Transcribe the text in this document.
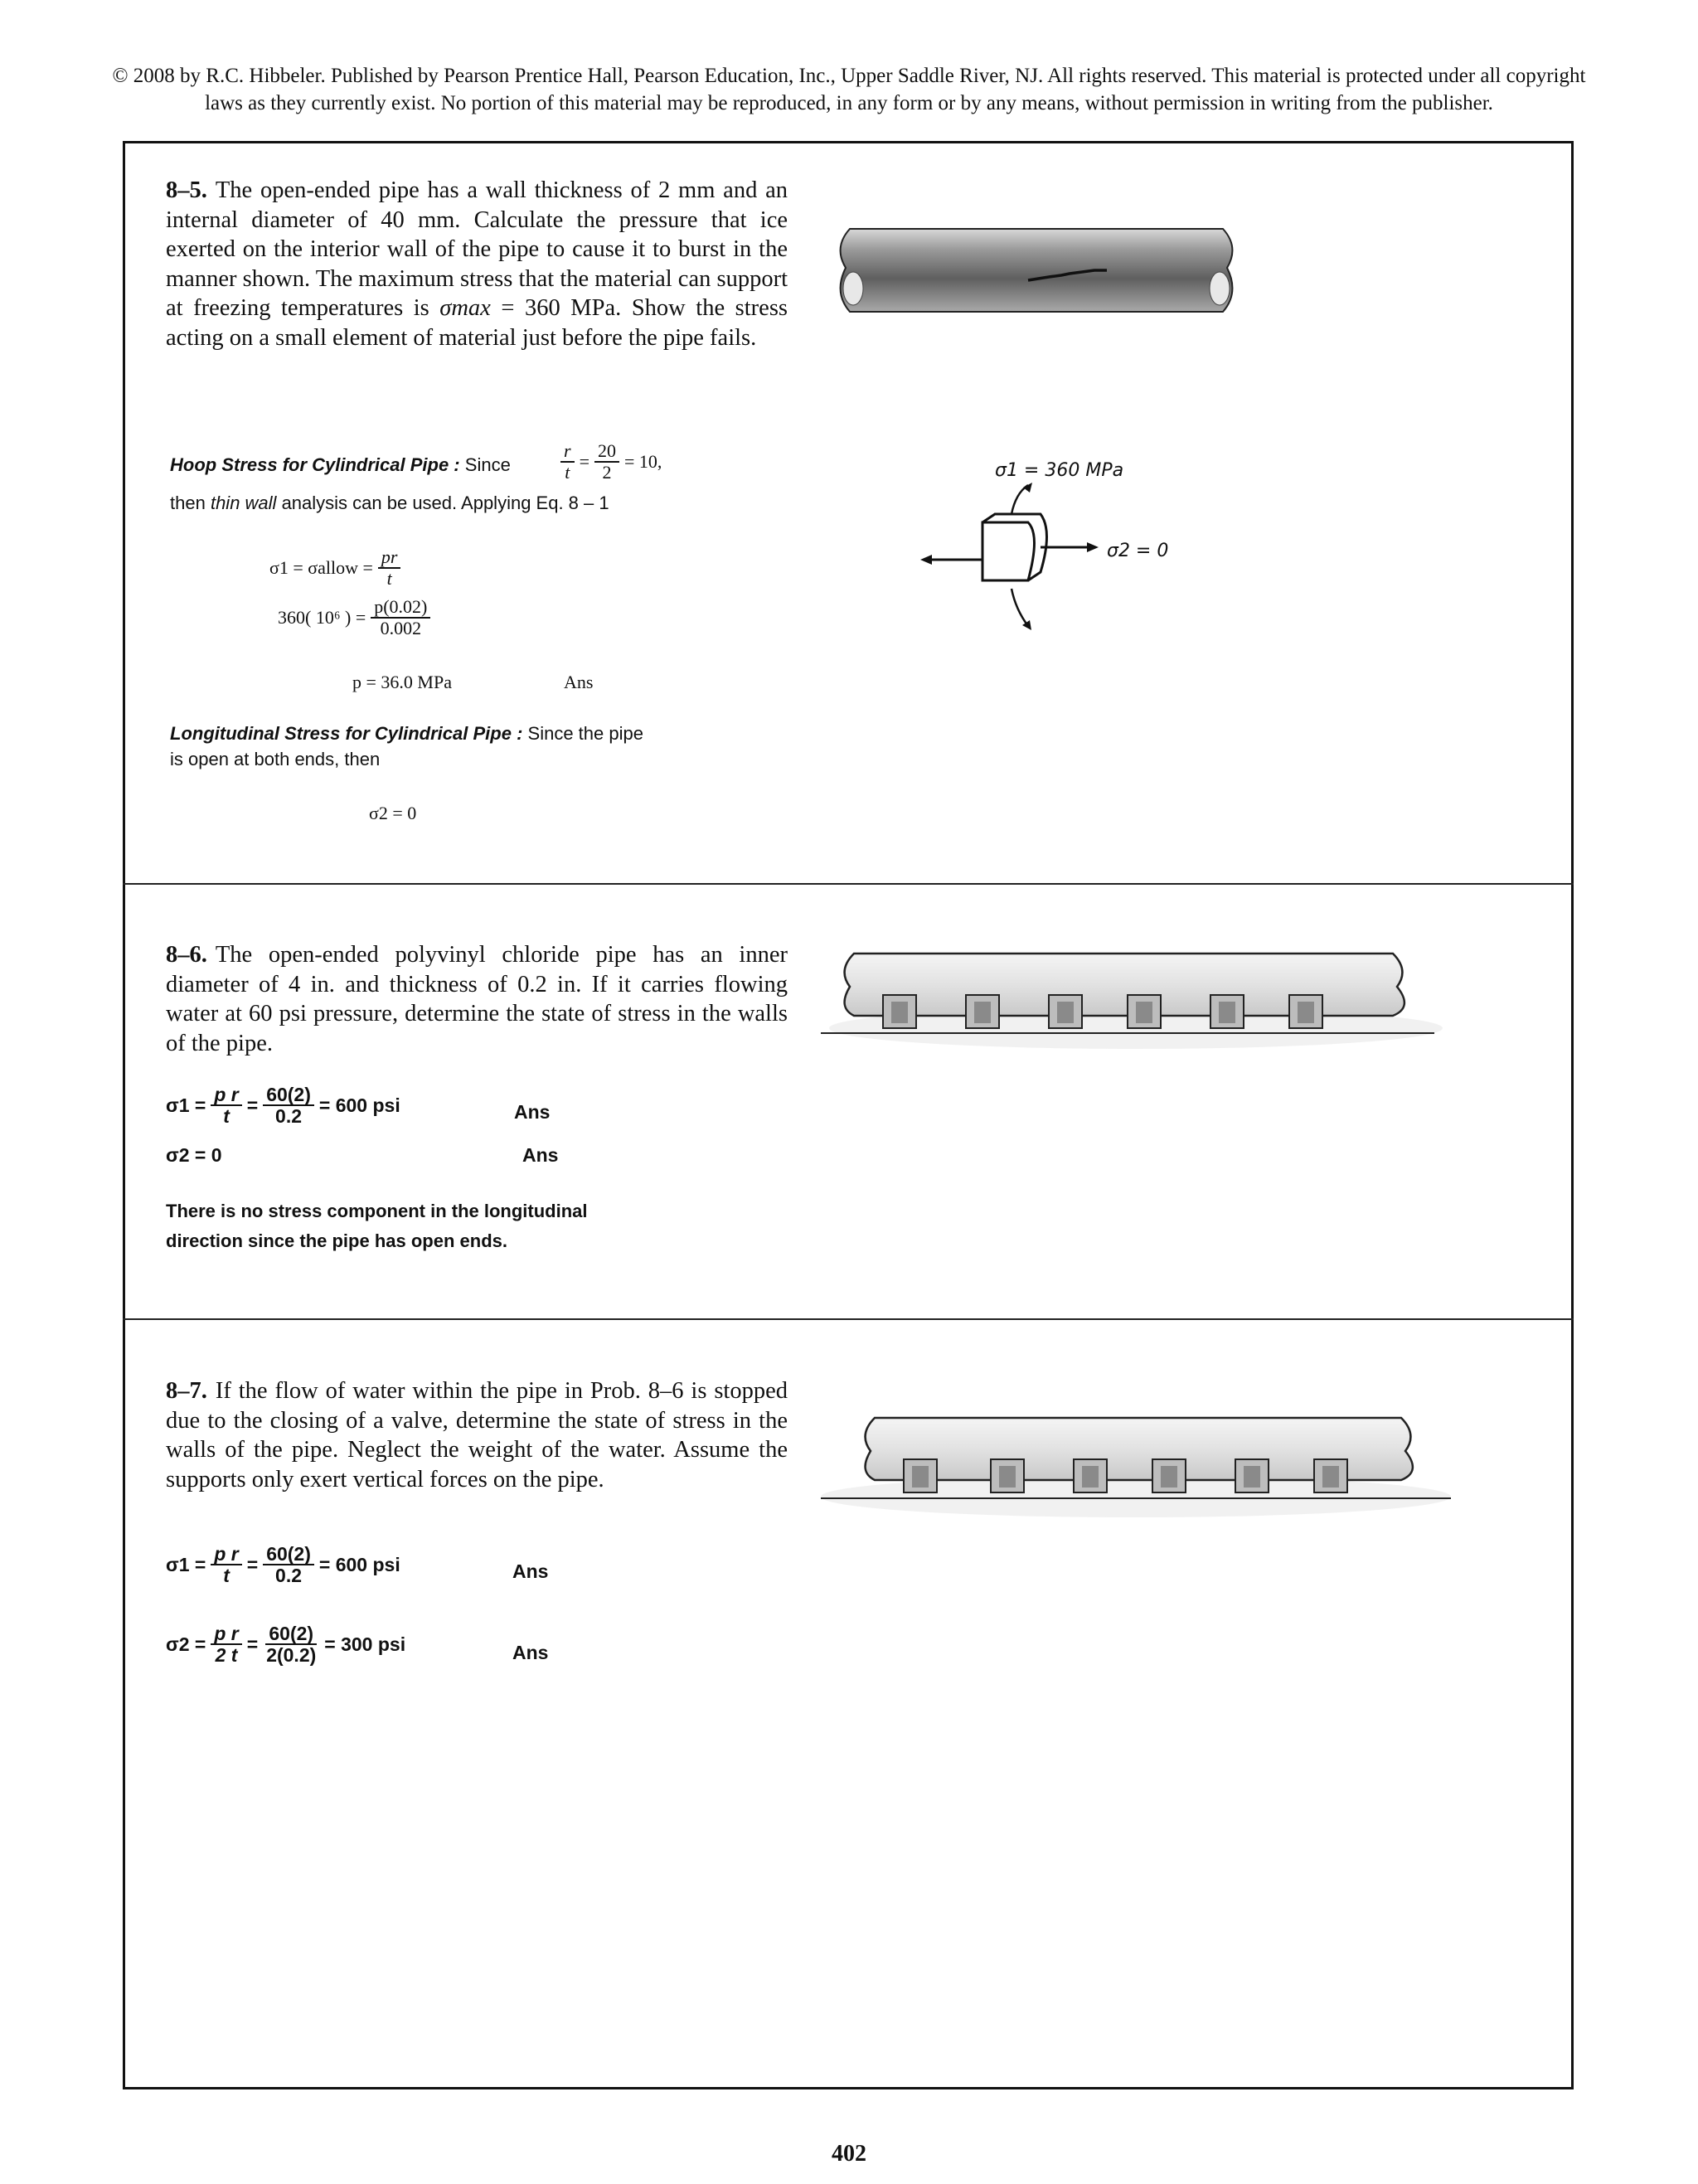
© 2008 by R.C. Hibbeler. Published by Pearson Prentice Hall, Pearson Education, Inc., Upper Saddle River, NJ. All rights reserved. This material is protected under all copyright laws as they currently exist. No portion of this material may be reproduced, in any form or by any means, without permission in writing from the publisher.
8–5. The open-ended pipe has a wall thickness of 2 mm and an internal diameter of 40 mm. Calculate the pressure that ice exerted on the interior wall of the pipe to cause it to burst in the manner shown. The maximum stress that the material can support at freezing temperatures is σmax = 360 MPa. Show the stress acting on a small element of material just before the pipe fails.
Hoop Stress for Cylindrical Pipe : Since	$\frac{r}{t} = \frac{20}{2} = 10$,
then thin wall analysis can be used. Applying Eq. 8 – 1
σ1 = σallow = $\frac{pr}{t}$
360( 10⁶ ) = $\frac{p(0.02)}{0.002}$
p = 36.0 MPa	Ans
Longitudinal Stress for Cylindrical Pipe : Since the pipe
is open at both ends, then
σ2 = 0
σ1 = 360 MPa
σ2 = 0
8–6. The open-ended polyvinyl chloride pipe has an inner diameter of 4 in. and thickness of 0.2 in. If it carries flowing water at 60 psi pressure, determine the state of stress in the walls of the pipe.
$\sigma 1 = \frac{\text{p r}}{t} = \frac{60(2)}{0.2} = 600$ psi	Ans
σ2 = 0	Ans
There is no stress component in the longitudinal
direction since the pipe has open ends.
8–7. If the flow of water within the pipe in Prob. 8–6 is stopped due to the closing of a valve, determine the state of stress in the walls of the pipe. Neglect the weight of the water. Assume the supports only exert vertical forces on the pipe.
$\sigma 1 = \frac{\text{p r}}{t} = \frac{60(2)}{0.2} = 600$ psi	Ans
$\sigma 2 = \frac{\text{p r}}{2 t} = \frac{60(2)}{2(0.2)} = 300$ psi	Ans
402
